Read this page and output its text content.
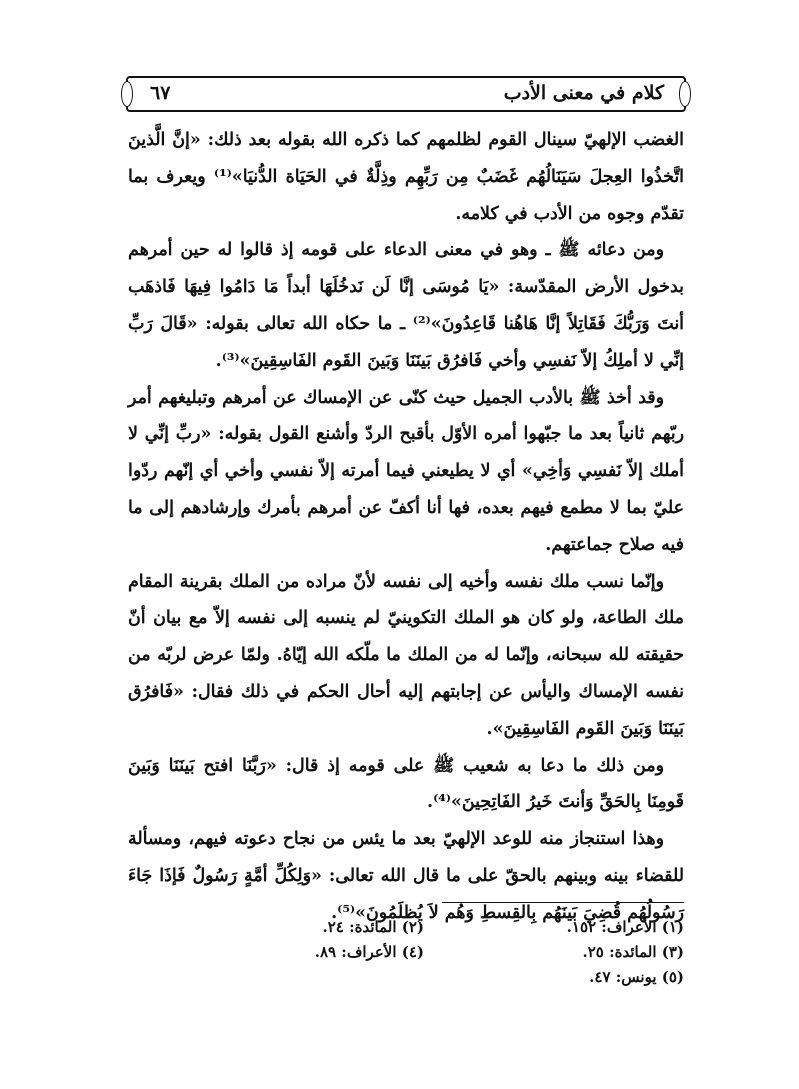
كلام في معنى الأدب
٦٧

الغضب الإلهيّ سينال القوم لظلمهم كما ذكره الله بقوله بعد ذلك: «إنَّ الَّذينَ اتَّخذُوا العِجلَ سَيَنَالُهُم غَضَبٌ مِن رَبِّهِم وذِلَّةٌ في الحَيَاة الدُّنيَا»⁽¹⁾ ويعرف بما تقدّم وجوه من الأدب في كلامه.

ومن دعائه ﷺ ـ وهو في معنى الدعاء على قومه إذ قالوا له حين أمرهم بدخول الأرض المقدّسة: «يَا مُوسَى إنَّا لَن نَدخُلَهَا أبداً مَا دَامُوا فِيهَا فَاذهَب أنتَ وَرَبُّكَ فَقَاتِلاً إنَّا هَاهُنا قَاعِدُونَ»⁽²⁾ ـ ما حكاه الله تعالى بقوله: «قَالَ رَبِّ إنِّي لا أملِكُ إلاّ نَفسِي وأخي فَافرُق بَينَنَا وَبَينَ القَوم الفَاسِقِينَ»⁽³⁾.

وقد أخذ ﷺ بالأدب الجميل حيث كنّى عن الإمساك عن أمرهم وتبليغهم أمر ربّهم ثانياً بعد ما جبّهوا أمره الأوّل بأقبح الردّ وأشنع القول بقوله: «ربِّ إنِّي لا أملك إلاّ نَفسِي وَأخِي» أي لا يطيعني فيما أمرته إلاّ نفسي وأخي أي إنّهم ردّوا عليّ بما لا مطمع فيهم بعده، فها أنا أكفّ عن أمرهم بأمرك وإرشادهم إلى ما فيه صلاح جماعتهم.

وإنّما نسب ملك نفسه وأخيه إلى نفسه لأنّ مراده من الملك بقرينة المقام ملك الطاعة، ولو كان هو الملك التكوينيّ لم ينسبه إلى نفسه إلاّ مع بيان أنّ حقيقته لله سبحانه، وإنّما له من الملك ما ملّكه الله إيّاهُ. ولمّا عرض لربّه من نفسه الإمساك واليأس عن إجابتهم إليه أحال الحكم في ذلك فقال: «فَافرُق بَينَنَا وَبَينَ القَوم الفَاسِقِينَ».

ومن ذلك ما دعا به شعيب ﷺ على قومه إذ قال: «رَبَّنَا افتح بَينَنَا وَبَينَ قَومِنَا بِالحَقِّ وَأنتَ خَيرُ الفَاتِحِينَ»⁽⁴⁾.

وهذا استنجاز منه للوعد الإلهيّ بعد ما يئس من نجاح دعوته فيهم، ومسألة للقضاء بينه وبينهم بالحقّ على ما قال الله تعالى: «وَلِكُلِّ أمَّةٍ رَسُولٌ فَإذَا جَاءَ رَسُولُهُم قُضِيَ بَينَهُم بِالقِسطِ وَهُم لاَ يُظلَمُونَ»⁽⁵⁾.

(١) الأعراف: ١٥٢.
(٢) المائدة: ٢٤.
(٣) المائدة: ٢٥.
(٤) الأعراف: ٨٩.
(٥) يونس: ٤٧.
